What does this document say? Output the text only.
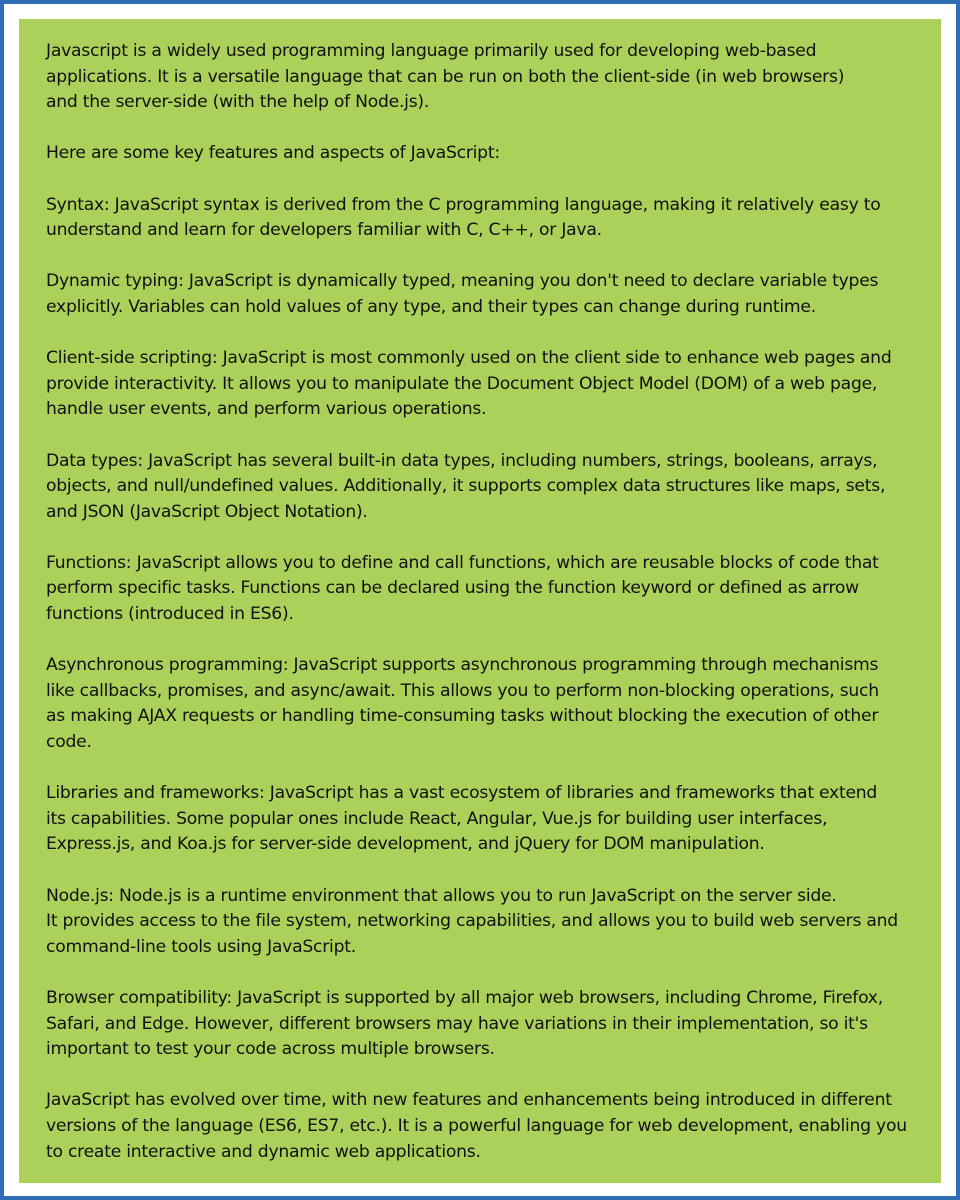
Javascript is a widely used programming language primarily used for developing web-based
applications. It is a versatile language that can be run on both the client-side (in web browsers)
and the server-side (with the help of Node.js).

Here are some key features and aspects of JavaScript:

Syntax: JavaScript syntax is derived from the C programming language, making it relatively easy to
understand and learn for developers familiar with C, C++, or Java.

Dynamic typing: JavaScript is dynamically typed, meaning you don't need to declare variable types
explicitly. Variables can hold values of any type, and their types can change during runtime.

Client-side scripting: JavaScript is most commonly used on the client side to enhance web pages and
provide interactivity. It allows you to manipulate the Document Object Model (DOM) of a web page,
handle user events, and perform various operations.

Data types: JavaScript has several built-in data types, including numbers, strings, booleans, arrays,
objects, and null/undefined values. Additionally, it supports complex data structures like maps, sets,
and JSON (JavaScript Object Notation).

Functions: JavaScript allows you to define and call functions, which are reusable blocks of code that
perform specific tasks. Functions can be declared using the function keyword or defined as arrow
functions (introduced in ES6).

Asynchronous programming: JavaScript supports asynchronous programming through mechanisms
like callbacks, promises, and async/await. This allows you to perform non-blocking operations, such
as making AJAX requests or handling time-consuming tasks without blocking the execution of other
code.

Libraries and frameworks: JavaScript has a vast ecosystem of libraries and frameworks that extend
its capabilities. Some popular ones include React, Angular, Vue.js for building user interfaces,
Express.js, and Koa.js for server-side development, and jQuery for DOM manipulation.

Node.js: Node.js is a runtime environment that allows you to run JavaScript on the server side.
It provides access to the file system, networking capabilities, and allows you to build web servers and
command-line tools using JavaScript.

Browser compatibility: JavaScript is supported by all major web browsers, including Chrome, Firefox,
Safari, and Edge. However, different browsers may have variations in their implementation, so it's
important to test your code across multiple browsers.

JavaScript has evolved over time, with new features and enhancements being introduced in different
versions of the language (ES6, ES7, etc.). It is a powerful language for web development, enabling you
to create interactive and dynamic web applications.
